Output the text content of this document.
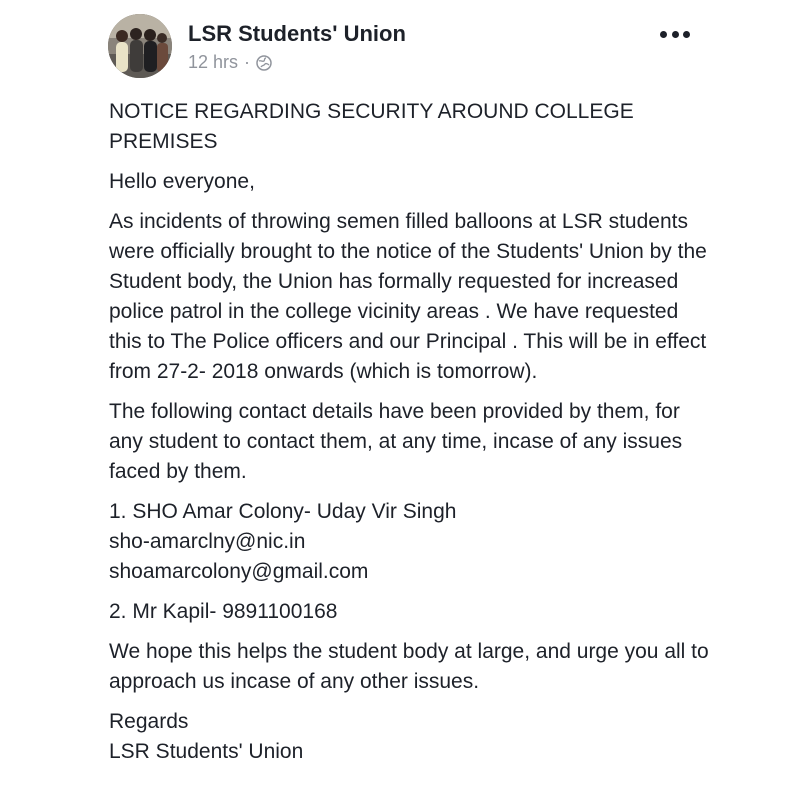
LSR Students' Union
12 hrs ·

NOTICE REGARDING SECURITY AROUND COLLEGE PREMISES

Hello everyone,

As incidents of throwing semen filled balloons at LSR students were officially brought to the notice of the Students' Union by the Student body, the Union has formally requested for increased police patrol in the college vicinity areas . We have requested this to The Police officers and our Principal . This will be in effect from 27-2- 2018 onwards (which is tomorrow).

The following contact details have been provided by them, for any student to contact them, at any time, incase of any issues faced by them.

1. SHO Amar Colony- Uday Vir Singh
sho-amarclny@nic.in
shoamarcolony@gmail.com

2. Mr Kapil- 9891100168

We hope this helps the student body at large, and urge you all to approach us incase of any other issues.

Regards
LSR Students' Union
